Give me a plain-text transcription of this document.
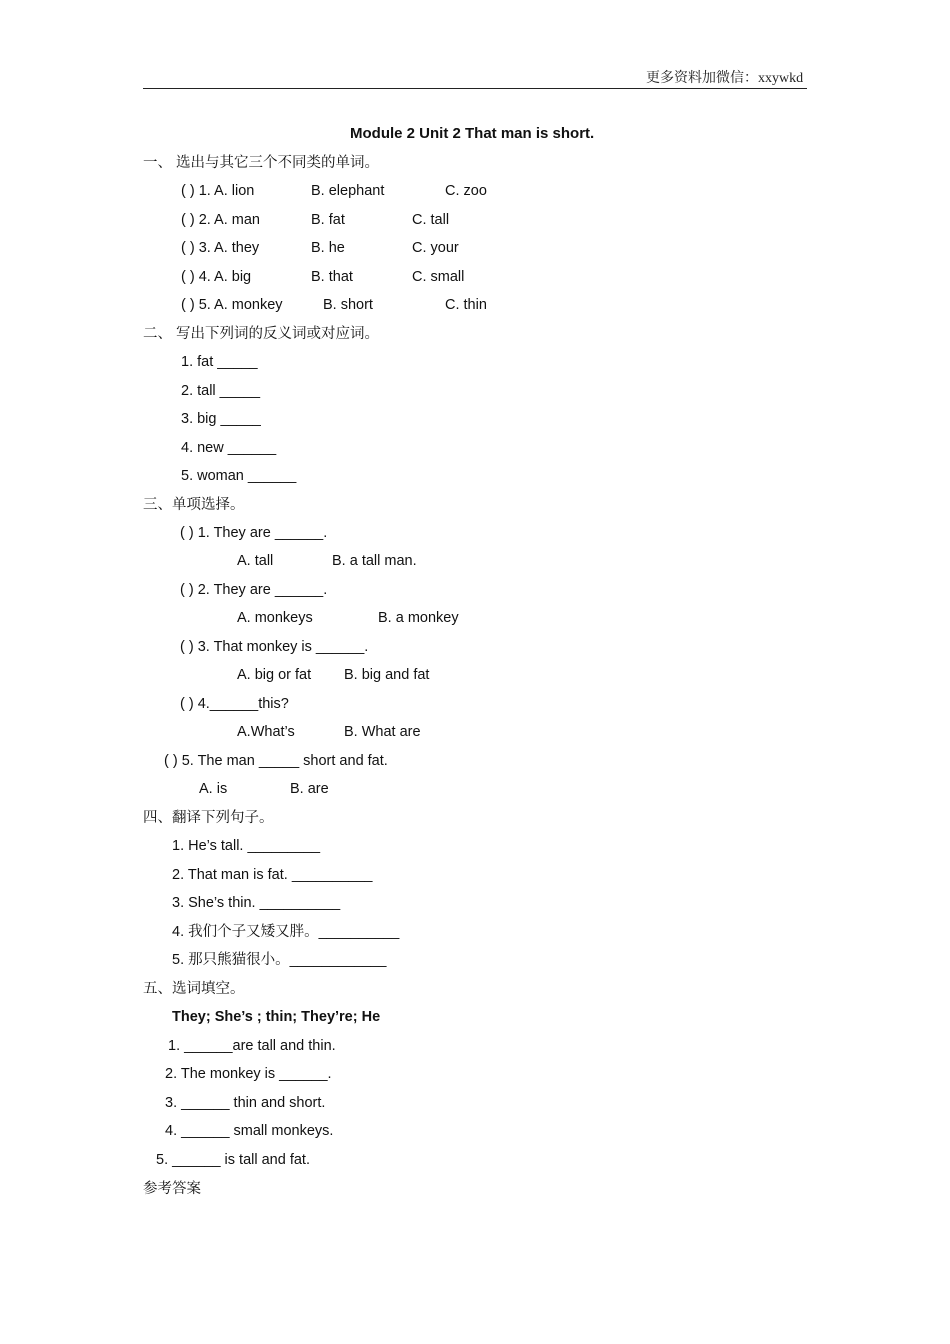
更多资料加微信：xxywkd
Module 2 Unit 2 That man is short.
一、 选出与其它三个不同类的单词。
( ) 1. A. lion	B. elephant	C. zoo
( ) 2. A. man	B. fat	C. tall
( ) 3. A. they	B. he	C. your
( ) 4. A. big	B. that	C. small
( ) 5. A. monkey	B. short	C. thin
二、 写出下列词的反义词或对应词。
1. fat _____
2. tall _____
3. big _____
4. new ______
5. woman ______
三、单项选择。
( ) 1. They are ______.
A. tall	B. a tall man.
( ) 2. They are ______.
A. monkeys	B. a monkey
( ) 3. That monkey is ______.
A. big or fat B. big and fat
( ) 4.______this?
A.What’s	B. What are
( ) 5. The man _____ short and fat.
A. is	B. are
四、翻译下列句子。
1. He’s tall. _________
2. That man is fat. __________
3. She’s thin. __________
4. 我们个子又矮又胖。__________
5. 那只熊猫很小。____________
五、选词填空。
They; She’s ; thin; They’re; He
1. ______are tall and thin.
2. The monkey is ______.
3. ______ thin and short.
4. ______ small monkeys.
5. ______ is tall and fat.
参考答案
